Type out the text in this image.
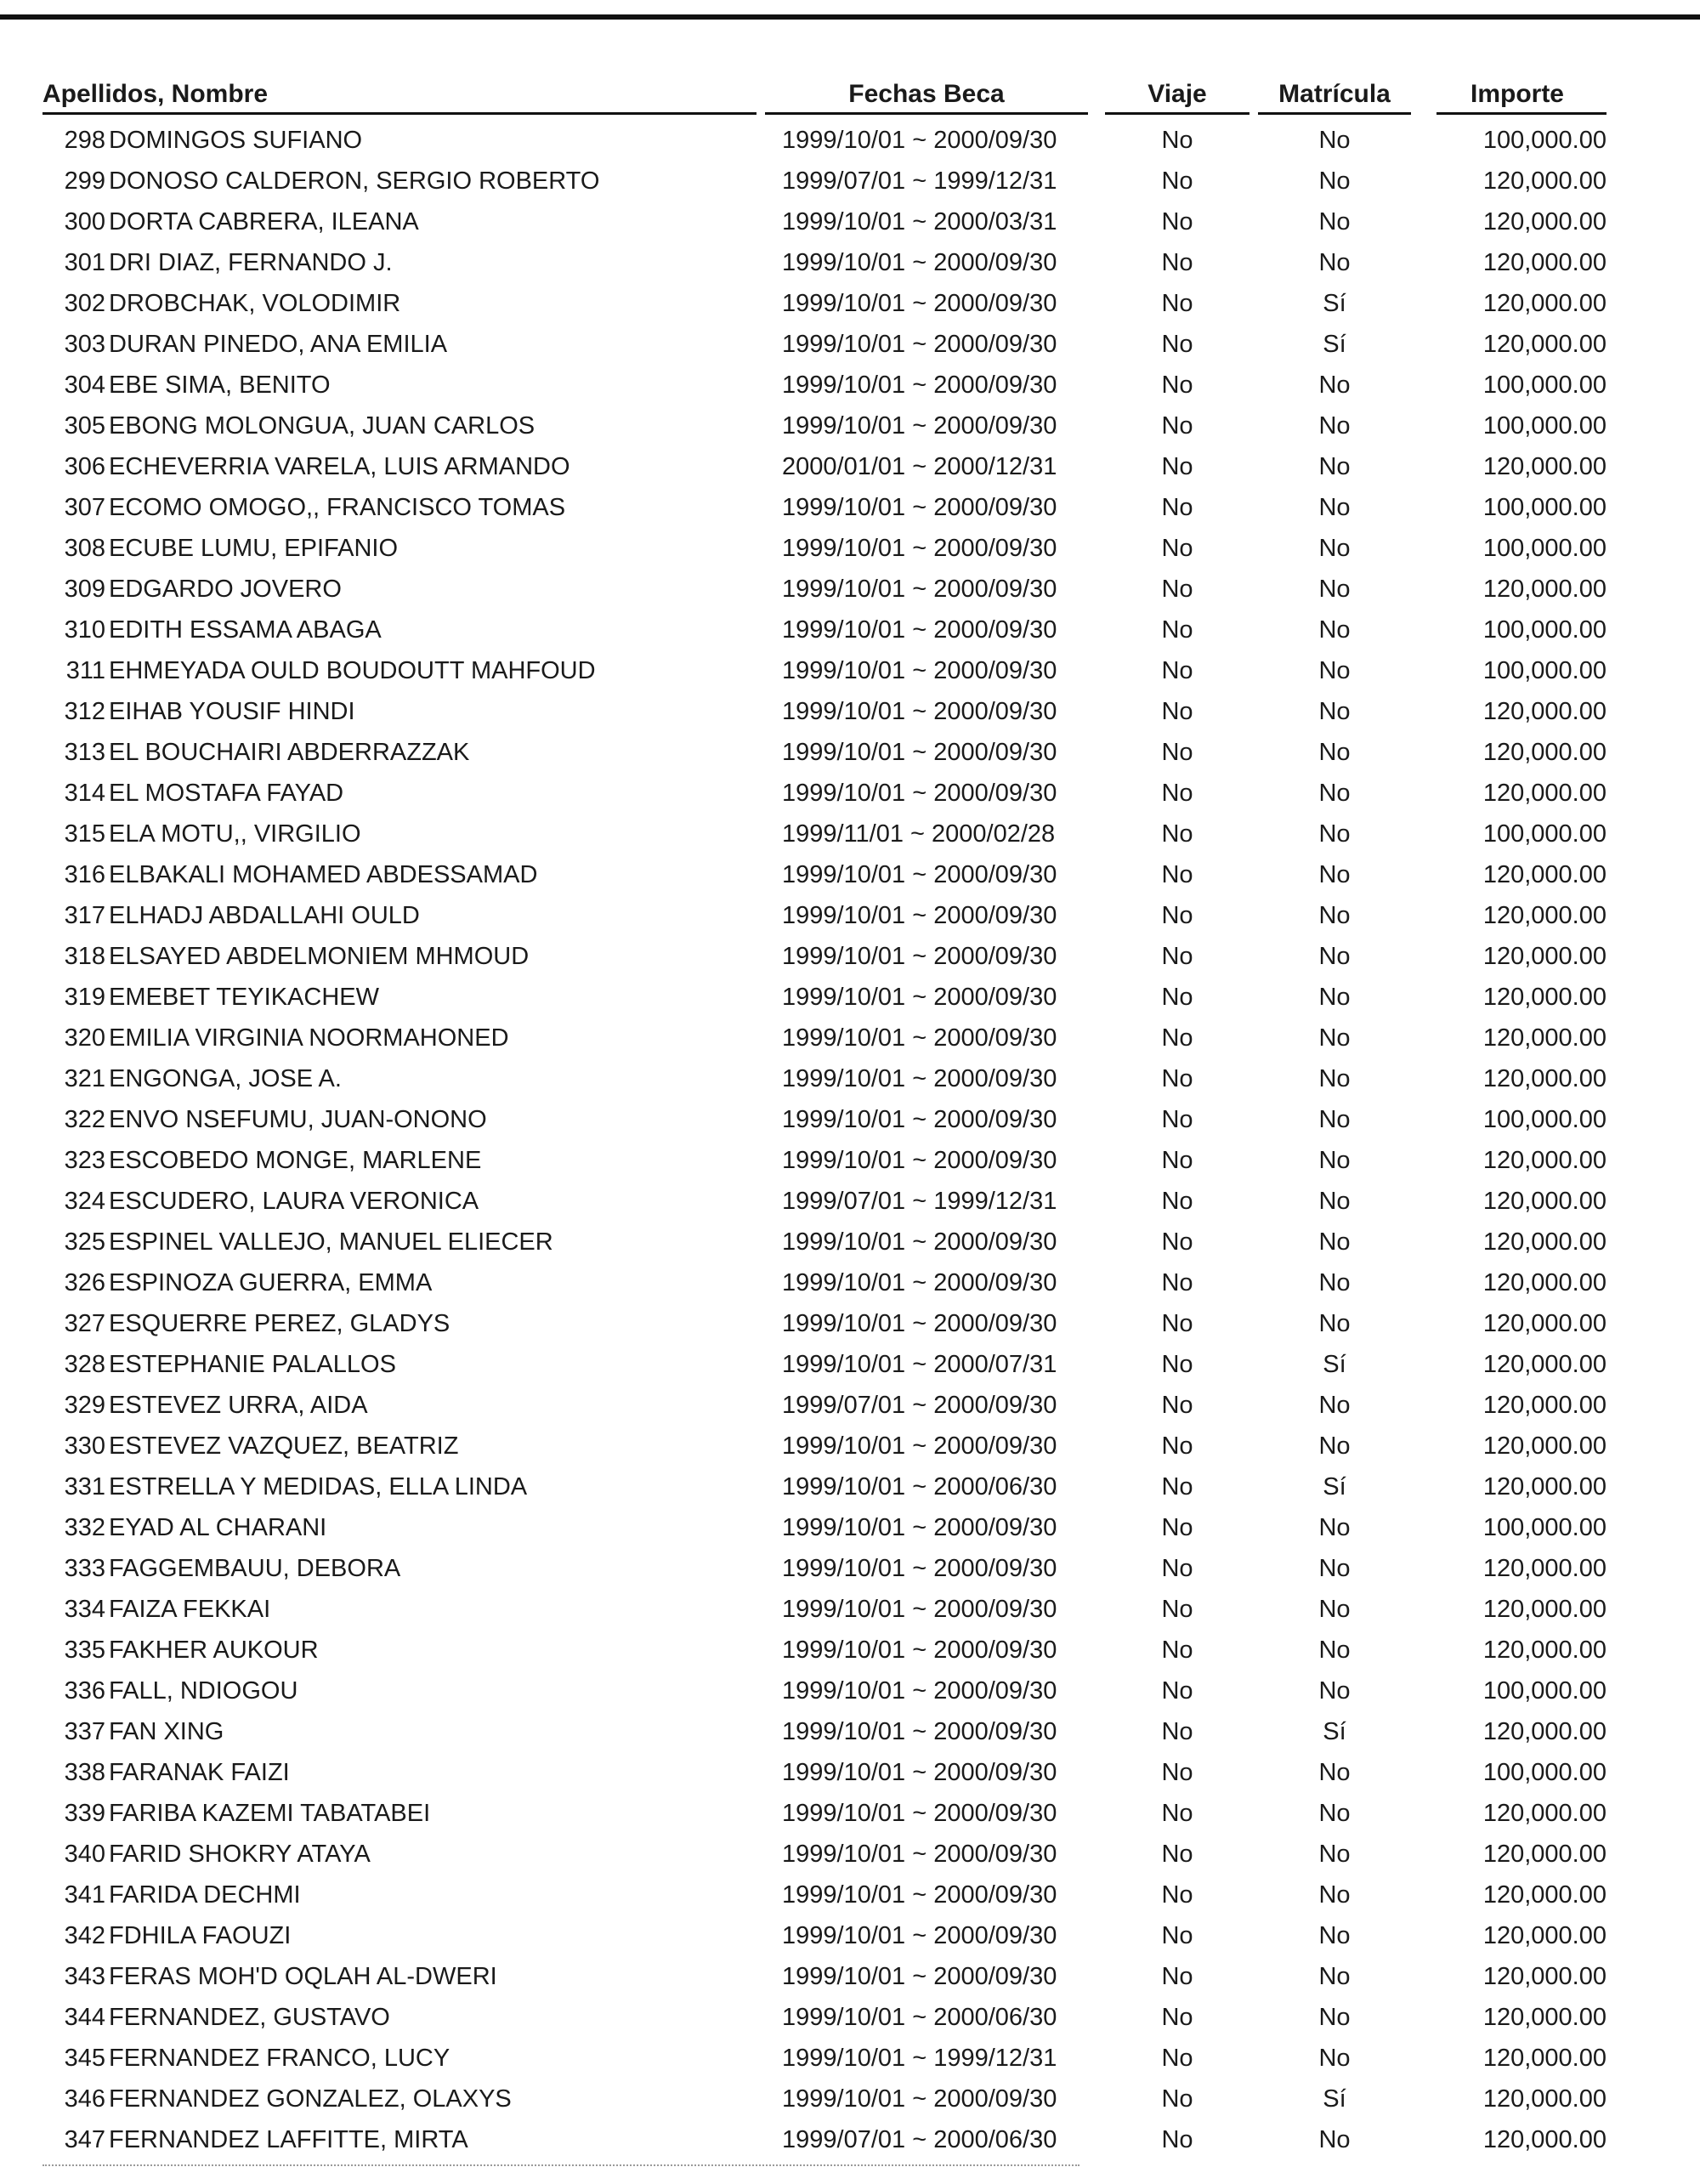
Apellidos, Nombre	Fechas Beca	Viaje	Matrícula	Importe
298 DOMINGOS SUFIANO	1999/10/01 ~ 2000/09/30	No	No	100,000.00
299 DONOSO CALDERON, SERGIO ROBERTO	1999/07/01 ~ 1999/12/31	No	No	120,000.00
300 DORTA CABRERA, ILEANA	1999/10/01 ~ 2000/03/31	No	No	120,000.00
301 DRI DIAZ, FERNANDO J.	1999/10/01 ~ 2000/09/30	No	No	120,000.00
302 DROBCHAK, VOLODIMIR	1999/10/01 ~ 2000/09/30	No	Sí	120,000.00
303 DURAN PINEDO, ANA EMILIA	1999/10/01 ~ 2000/09/30	No	Sí	120,000.00
304 EBE SIMA, BENITO	1999/10/01 ~ 2000/09/30	No	No	100,000.00
305 EBONG MOLONGUA, JUAN CARLOS	1999/10/01 ~ 2000/09/30	No	No	100,000.00
306 ECHEVERRIA VARELA, LUIS ARMANDO	2000/01/01 ~ 2000/12/31	No	No	120,000.00
307 ECOMO OMOGO,, FRANCISCO TOMAS	1999/10/01 ~ 2000/09/30	No	No	100,000.00
308 ECUBE LUMU, EPIFANIO	1999/10/01 ~ 2000/09/30	No	No	100,000.00
309 EDGARDO JOVERO	1999/10/01 ~ 2000/09/30	No	No	120,000.00
310 EDITH ESSAMA ABAGA	1999/10/01 ~ 2000/09/30	No	No	100,000.00
311 EHMEYADA OULD BOUDOUTT MAHFOUD	1999/10/01 ~ 2000/09/30	No	No	100,000.00
312 EIHAB YOUSIF HINDI	1999/10/01 ~ 2000/09/30	No	No	120,000.00
313 EL BOUCHAIRI ABDERRAZZAK	1999/10/01 ~ 2000/09/30	No	No	120,000.00
314 EL MOSTAFA FAYAD	1999/10/01 ~ 2000/09/30	No	No	120,000.00
315 ELA MOTU,, VIRGILIO	1999/11/01 ~ 2000/02/28	No	No	100,000.00
316 ELBAKALI MOHAMED ABDESSAMAD	1999/10/01 ~ 2000/09/30	No	No	120,000.00
317 ELHADJ ABDALLAHI OULD	1999/10/01 ~ 2000/09/30	No	No	120,000.00
318 ELSAYED ABDELMONIEM MHMOUD	1999/10/01 ~ 2000/09/30	No	No	120,000.00
319 EMEBET TEYIKACHEW	1999/10/01 ~ 2000/09/30	No	No	120,000.00
320 EMILIA VIRGINIA NOORMAHONED	1999/10/01 ~ 2000/09/30	No	No	120,000.00
321 ENGONGA, JOSE A.	1999/10/01 ~ 2000/09/30	No	No	120,000.00
322 ENVO NSEFUMU, JUAN-ONONO	1999/10/01 ~ 2000/09/30	No	No	100,000.00
323 ESCOBEDO MONGE, MARLENE	1999/10/01 ~ 2000/09/30	No	No	120,000.00
324 ESCUDERO, LAURA VERONICA	1999/07/01 ~ 1999/12/31	No	No	120,000.00
325 ESPINEL VALLEJO, MANUEL ELIECER	1999/10/01 ~ 2000/09/30	No	No	120,000.00
326 ESPINOZA GUERRA, EMMA	1999/10/01 ~ 2000/09/30	No	No	120,000.00
327 ESQUERRE PEREZ, GLADYS	1999/10/01 ~ 2000/09/30	No	No	120,000.00
328 ESTEPHANIE PALALLOS	1999/10/01 ~ 2000/07/31	No	Sí	120,000.00
329 ESTEVEZ URRA, AIDA	1999/07/01 ~ 2000/09/30	No	No	120,000.00
330 ESTEVEZ VAZQUEZ, BEATRIZ	1999/10/01 ~ 2000/09/30	No	No	120,000.00
331 ESTRELLA Y MEDIDAS, ELLA LINDA	1999/10/01 ~ 2000/06/30	No	Sí	120,000.00
332 EYAD AL CHARANI	1999/10/01 ~ 2000/09/30	No	No	100,000.00
333 FAGGEMBAUU, DEBORA	1999/10/01 ~ 2000/09/30	No	No	120,000.00
334 FAIZA FEKKAI	1999/10/01 ~ 2000/09/30	No	No	120,000.00
335 FAKHER AUKOUR	1999/10/01 ~ 2000/09/30	No	No	120,000.00
336 FALL, NDIOGOU	1999/10/01 ~ 2000/09/30	No	No	100,000.00
337 FAN XING	1999/10/01 ~ 2000/09/30	No	Sí	120,000.00
338 FARANAK FAIZI	1999/10/01 ~ 2000/09/30	No	No	100,000.00
339 FARIBA KAZEMI TABATABEI	1999/10/01 ~ 2000/09/30	No	No	120,000.00
340 FARID SHOKRY ATAYA	1999/10/01 ~ 2000/09/30	No	No	120,000.00
341 FARIDA DECHMI	1999/10/01 ~ 2000/09/30	No	No	120,000.00
342 FDHILA FAOUZI	1999/10/01 ~ 2000/09/30	No	No	120,000.00
343 FERAS MOH'D OQLAH AL-DWERI	1999/10/01 ~ 2000/09/30	No	No	120,000.00
344 FERNANDEZ, GUSTAVO	1999/10/01 ~ 2000/06/30	No	No	120,000.00
345 FERNANDEZ FRANCO, LUCY	1999/10/01 ~ 1999/12/31	No	No	120,000.00
346 FERNANDEZ GONZALEZ, OLAXYS	1999/10/01 ~ 2000/09/30	No	Sí	120,000.00
347 FERNANDEZ LAFFITTE, MIRTA	1999/07/01 ~ 2000/06/30	No	No	120,000.00
